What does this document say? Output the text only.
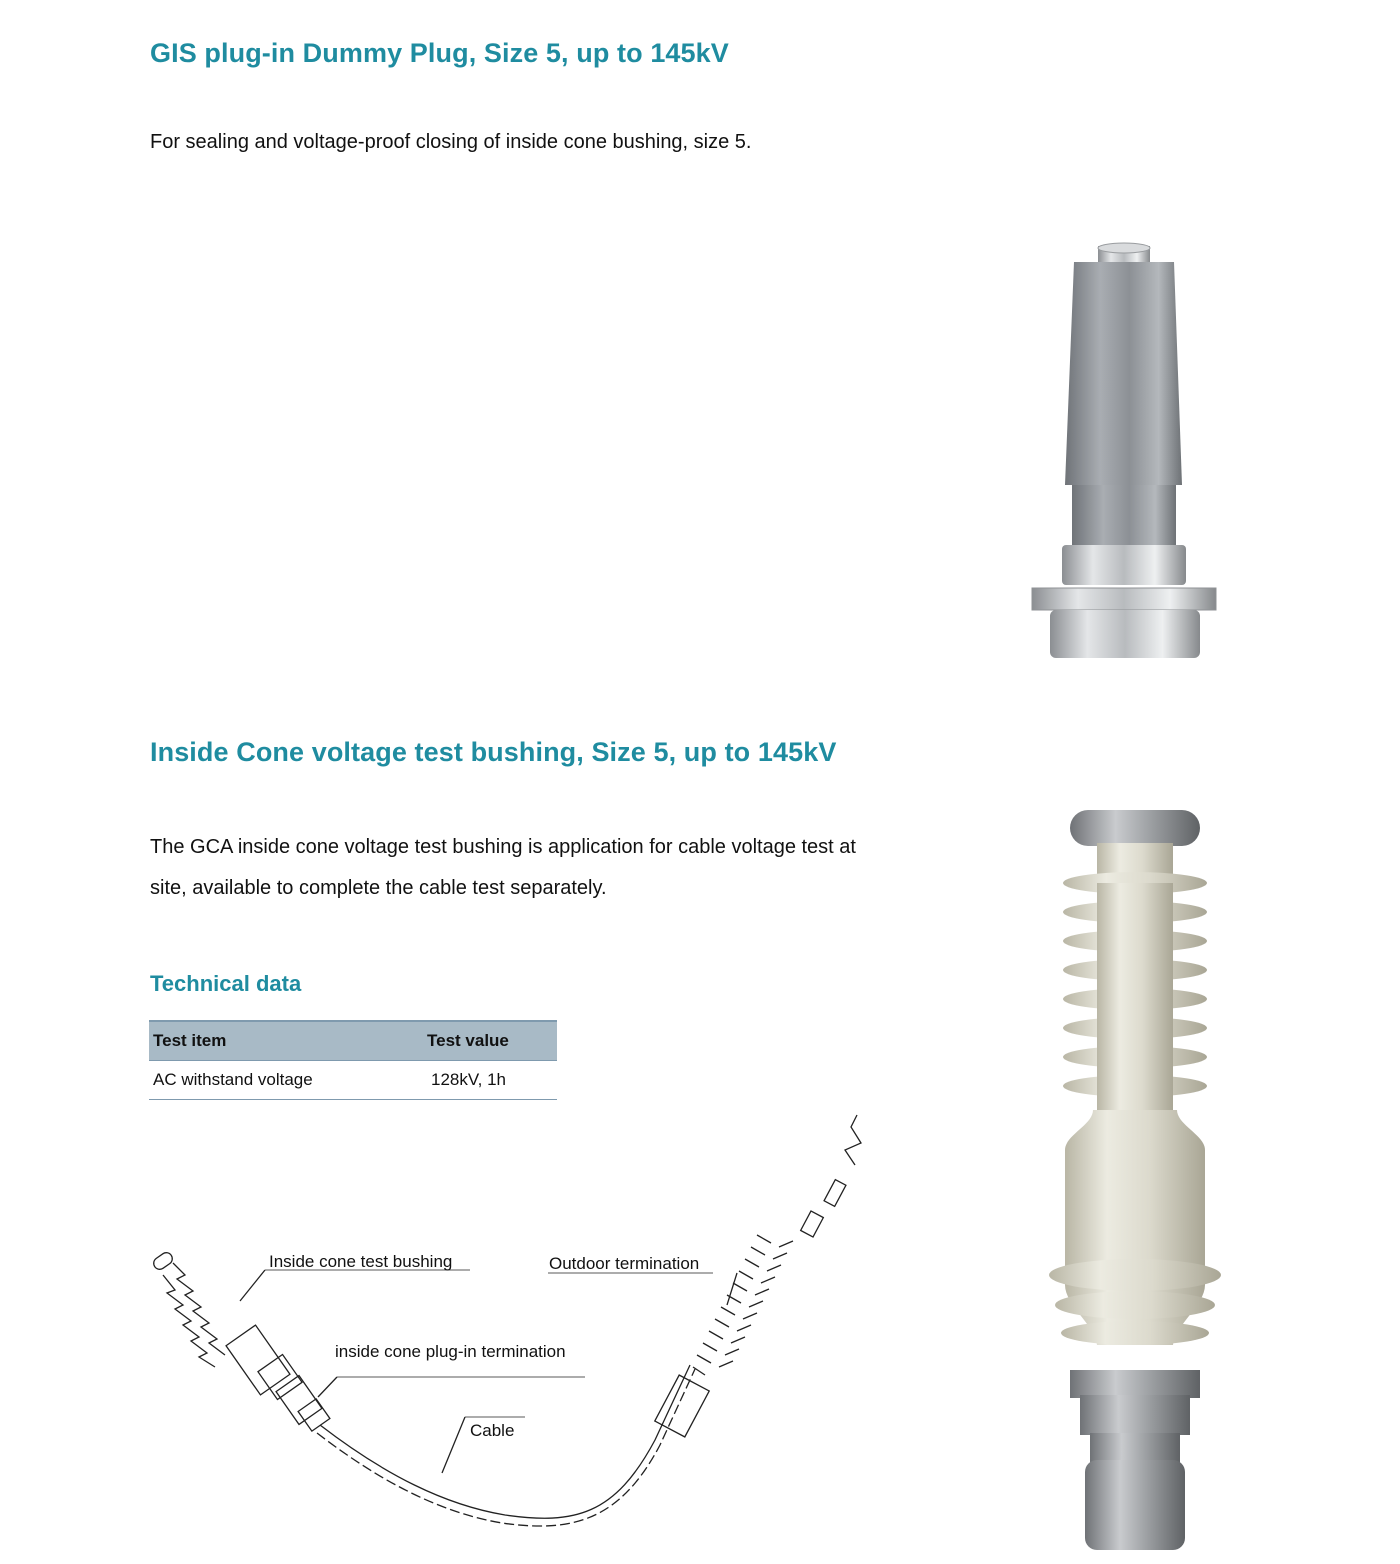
GIS plug-in Dummy Plug, Size 5, up to 145kV
For sealing and voltage-proof closing of inside cone bushing, size 5.
Inside Cone voltage test bushing, Size 5, up to 145kV
The GCA inside cone voltage test bushing is application for cable voltage test at
site, available to complete the cable test separately.
Technical data
Test item	Test value
AC withstand voltage	128kV, 1h
Inside cone test bushing	Outdoor termination
inside cone plug-in termination
Cable
